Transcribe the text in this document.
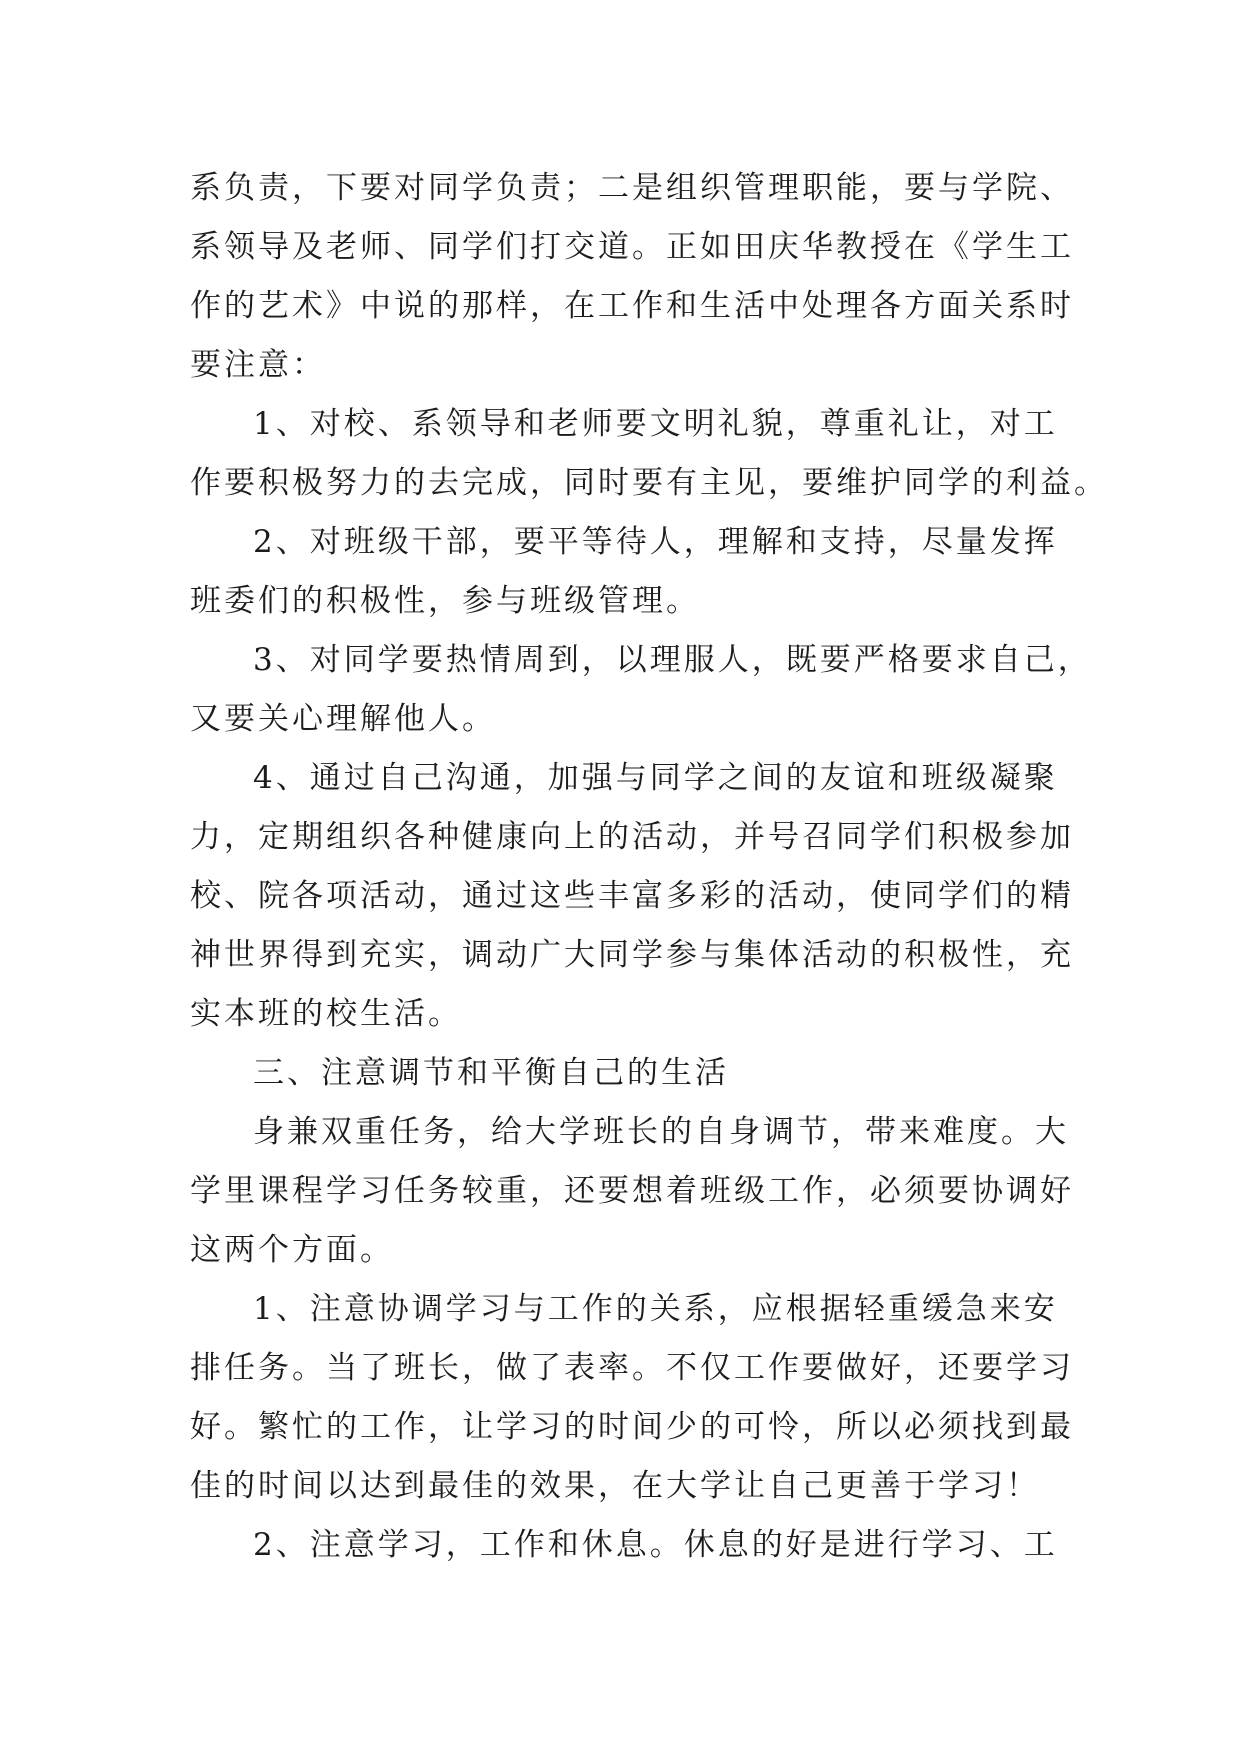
系负责，下要对同学负责；二是组织管理职能，要与学院、
系领导及老师、同学们打交道。正如田庆华教授在《学生工
作的艺术》中说的那样，在工作和生活中处理各方面关系时
要注意：
1、对校、系领导和老师要文明礼貌，尊重礼让，对工
作要积极努力的去完成，同时要有主见，要维护同学的利益。
2、对班级干部，要平等待人，理解和支持，尽量发挥
班委们的积极性，参与班级管理。
3、对同学要热情周到，以理服人，既要严格要求自己，
又要关心理解他人。
4、通过自己沟通，加强与同学之间的友谊和班级凝聚
力，定期组织各种健康向上的活动，并号召同学们积极参加
校、院各项活动，通过这些丰富多彩的活动，使同学们的精
神世界得到充实，调动广大同学参与集体活动的积极性，充
实本班的校生活。
三、注意调节和平衡自己的生活
身兼双重任务，给大学班长的自身调节，带来难度。大
学里课程学习任务较重，还要想着班级工作，必须要协调好
这两个方面。
1、注意协调学习与工作的关系，应根据轻重缓急来安
排任务。当了班长，做了表率。不仅工作要做好，还要学习
好。繁忙的工作，让学习的时间少的可怜，所以必须找到最
佳的时间以达到最佳的效果，在大学让自己更善于学习！
2、注意学习，工作和休息。休息的好是进行学习、工
